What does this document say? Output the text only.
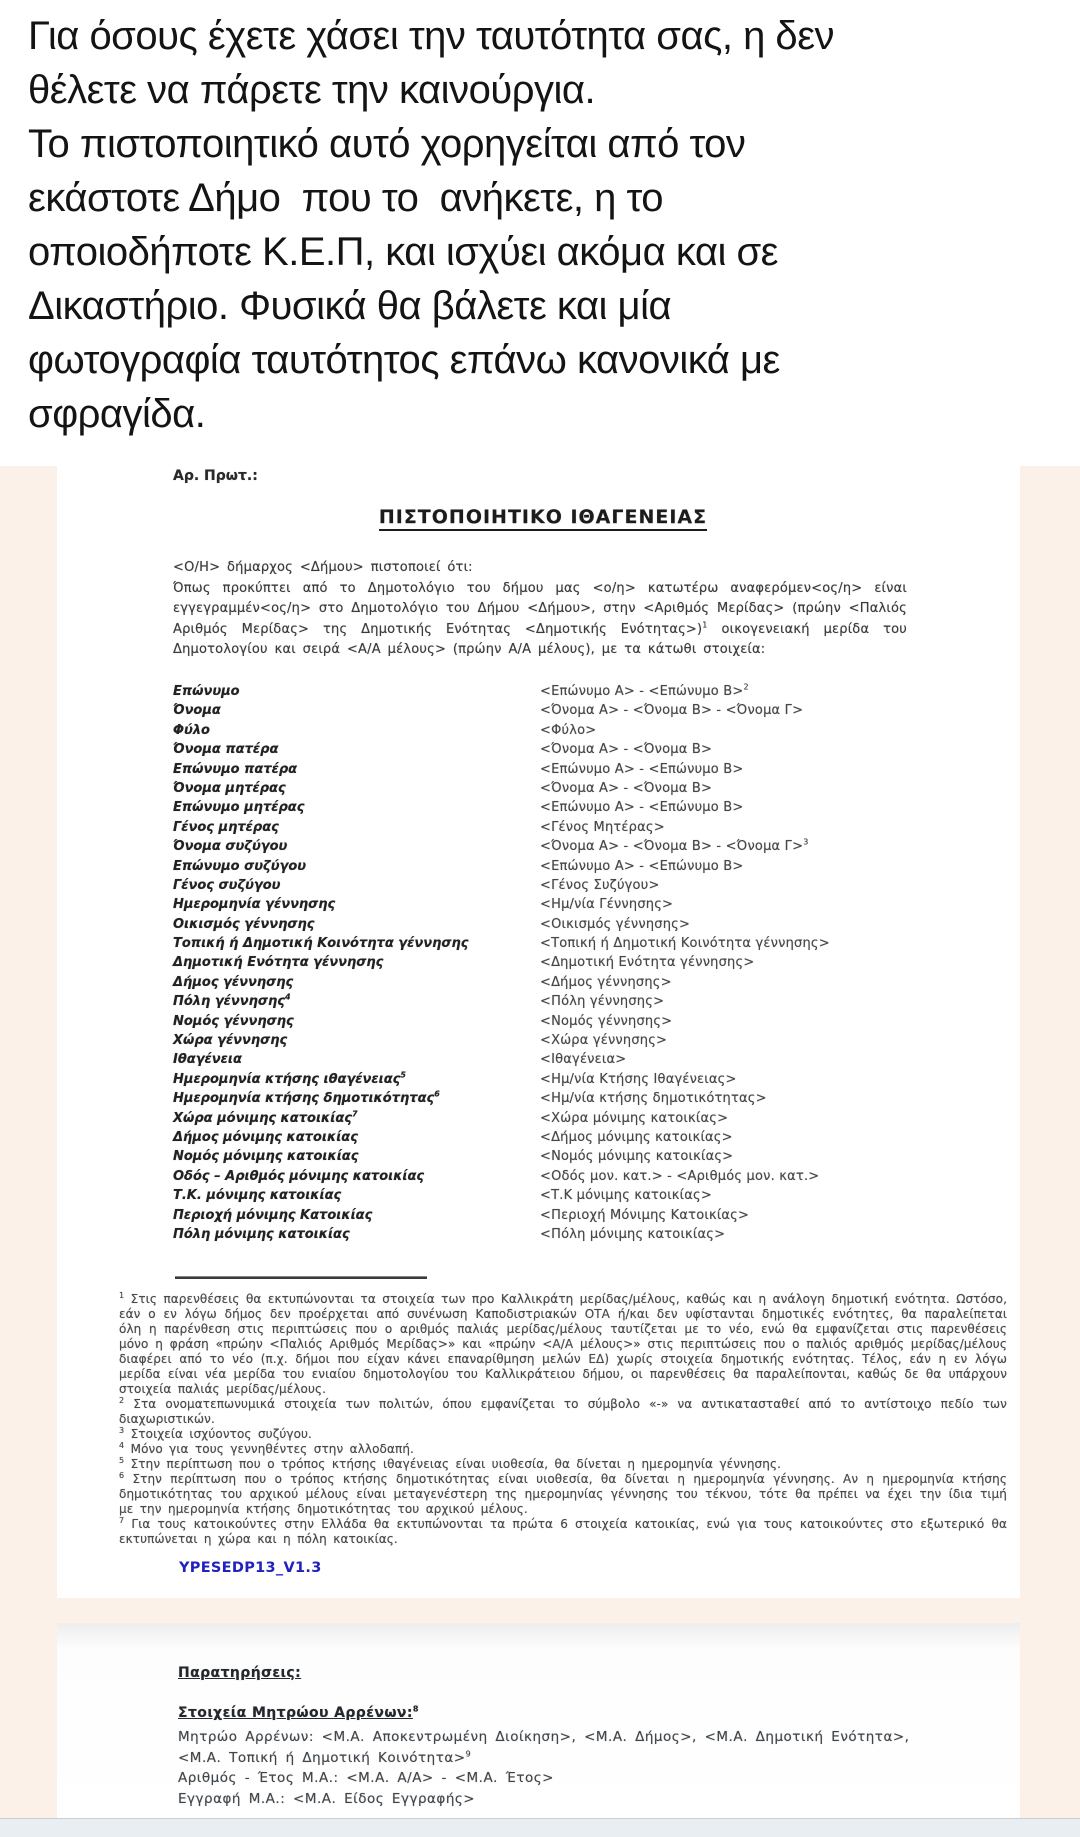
Για όσους έχετε χάσει την ταυτότητα σας, η δεν
θέλετε να πάρετε την καινούργια.
Το πιστοποιητικό αυτό χορηγείται από τον
εκάστοτε Δήμο  που το  ανήκετε, η το
οποιοδήποτε Κ.Ε.Π, και ισχύει ακόμα και σε
Δικαστήριο. Φυσικά θα βάλετε και μία
φωτογραφία ταυτότητος επάνω κανονικά με
σφραγίδα.
Αρ. Πρωτ.:
ΠΙΣΤΟΠΟΙΗΤΙΚΟ ΙΘΑΓΕΝΕΙΑΣ
<Ο/Η> δήμαρχος <Δήμου> πιστοποιεί ότι:
Όπως προκύπτει από το Δημοτολόγιο του δήμου μας <ο/η> κατωτέρω αναφερόμεν<ος/η> είναι εγγεγραμμέν<ος/η> στο Δημοτολόγιο του Δήμου <Δήμου>, στην <Αριθμός Μερίδας> (πρώην <Παλιός Αριθμός Μερίδας> της Δημοτικής Ενότητας <Δημοτικής Ενότητας>)$^1$ οικογενειακή μερίδα του Δημοτολογίου και σειρά <Α/Α μέλους> (πρώην Α/Α μέλους), με τα κάτωθι στοιχεία:
Επώνυμο	<Επώνυμο Α> - <Επώνυμο Β>$^2$
Όνομα	<Όνομα Α> - <Όνομα Β> - <Όνομα Γ>
Φύλο	<Φύλο>
Όνομα πατέρα	<Όνομα Α> - <Όνομα Β>
Επώνυμο πατέρα	<Επώνυμο Α> - <Επώνυμο Β>
Όνομα μητέρας	<Όνομα Α> - <Όνομα Β>
Επώνυμο μητέρας	<Επώνυμο Α> - <Επώνυμο Β>
Γένος μητέρας	<Γένος Μητέρας>
Όνομα συζύγου	<Όνομα Α> - <Όνομα Β> - <Όνομα Γ>$^3$
Επώνυμο συζύγου	<Επώνυμο Α> - <Επώνυμο Β>
Γένος συζύγου	<Γένος Συζύγου>
Ημερομηνία γέννησης	<Ημ/νία Γέννησης>
Οικισμός γέννησης	<Οικισμός γέννησης>
Τοπική ή Δημοτική Κοινότητα γέννησης	<Τοπική ή Δημοτική Κοινότητα γέννησης>
Δημοτική Ενότητα γέννησης	<Δημοτική Ενότητα γέννησης>
Δήμος γέννησης	<Δήμος γέννησης>
Πόλη γέννησης$^4$	<Πόλη γέννησης>
Νομός γέννησης	<Νομός γέννησης>
Χώρα γέννησης	<Χώρα γέννησης>
Ιθαγένεια	<Ιθαγένεια>
Ημερομηνία κτήσης ιθαγένειας$^5$	<Ημ/νία Κτήσης Ιθαγένειας>
Ημερομηνία κτήσης δημοτικότητας$^6$	<Ημ/νία κτήσης δημοτικότητας>
Χώρα μόνιμης κατοικίας$^7$	<Χώρα μόνιμης κατοικίας>
Δήμος μόνιμης κατοικίας	<Δήμος μόνιμης κατοικίας>
Νομός μόνιμης κατοικίας	<Νομός μόνιμης κατοικίας>
Οδός – Αριθμός μόνιμης κατοικίας	<Οδός μον. κατ.> - <Αριθμός μον. κατ.>
Τ.Κ. μόνιμης κατοικίας	<Τ.Κ μόνιμης κατοικίας>
Περιοχή μόνιμης Κατοικίας	<Περιοχή Μόνιμης Κατοικίας>
Πόλη μόνιμης κατοικίας	<Πόλη μόνιμης κατοικίας>
$^1$ Στις παρενθέσεις θα εκτυπώνονται τα στοιχεία των προ Καλλικράτη μερίδας/μέλους, καθώς και η ανάλογη δημοτική ενότητα. Ωστόσο, εάν ο εν λόγω δήμος δεν προέρχεται από συνένωση Καποδιστριακών ΟΤΑ ή/και δεν υφίστανται δημοτικές ενότητες, θα παραλείπεται όλη η παρένθεση στις περιπτώσεις που ο αριθμός παλιάς μερίδας/μέλους ταυτίζεται με το νέο, ενώ θα εμφανίζεται στις παρενθέσεις μόνο η φράση «πρώην <Παλιός Αριθμός Μερίδας>» και «πρώην <Α/Α μέλους>» στις περιπτώσεις που ο παλιός αριθμός μερίδας/μέλους διαφέρει από το νέο (π.χ. δήμοι που είχαν κάνει επαναρίθμηση μελών ΕΔ) χωρίς στοιχεία δημοτικής ενότητας. Τέλος, εάν η εν λόγω μερίδα είναι νέα μερίδα του ενιαίου δημοτολογίου του Καλλικράτειου δήμου, οι παρενθέσεις θα παραλείπονται, καθώς δε θα υπάρχουν στοιχεία παλιάς μερίδας/μέλους.
$^2$ Στα ονοματεπωνυμικά στοιχεία των πολιτών, όπου εμφανίζεται το σύμβολο «-» να αντικατασταθεί από το αντίστοιχο πεδίο των διαχωριστικών.
$^3$ Στοιχεία ισχύοντος συζύγου.
$^4$ Μόνο για τους γεννηθέντες στην αλλοδαπή.
$^5$ Στην περίπτωση που ο τρόπος κτήσης ιθαγένειας είναι υιοθεσία, θα δίνεται η ημερομηνία γέννησης.
$^6$ Στην περίπτωση που ο τρόπος κτήσης δημοτικότητας είναι υιοθεσία, θα δίνεται η ημερομηνία γέννησης. Αν η ημερομηνία κτήσης δημοτικότητας του αρχικού μέλους είναι μεταγενέστερη της ημερομηνίας γέννησης του τέκνου, τότε θα πρέπει να έχει την ίδια τιμή με την ημερομηνία κτήσης δημοτικότητας του αρχικού μέλους.
$^7$ Για τους κατοικούντες στην Ελλάδα θα εκτυπώνονται τα πρώτα 6 στοιχεία κατοικίας, ενώ για τους κατοικούντες στο εξωτερικό θα εκτυπώνεται η χώρα και η πόλη κατοικίας.
YPESEDP13_V1.3
Παρατηρήσεις:
Στοιχεία Μητρώου Αρρένων:$^8$
Μητρώο Αρρένων: <Μ.Α. Αποκεντρωμένη Διοίκηση>, <Μ.Α. Δήμος>, <Μ.Α. Δημοτική Ενότητα>,
<Μ.Α. Τοπική ή Δημοτική Κοινότητα>$^9$
Αριθμός - Έτος Μ.Α.: <Μ.Α. Α/Α> - <Μ.Α. Έτος>
Εγγραφή Μ.Α.: <Μ.Α. Είδος Εγγραφής>
